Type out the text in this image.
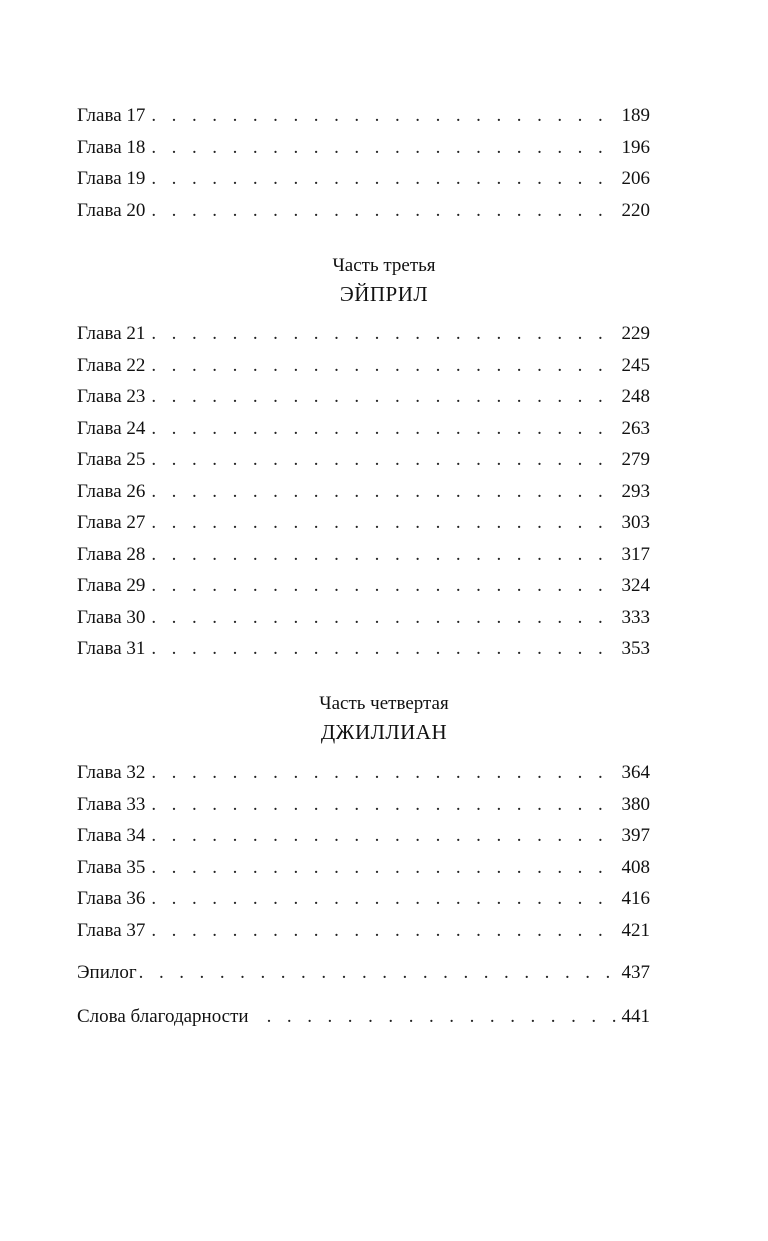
Глава 17 . . .	189
Глава 18 . . .	196
Глава 19 . . .	206
Глава 20 . . .	220
Часть третья
ЭЙПРИЛ
Глава 21 . . .	229
Глава 22 . . .	245
Глава 23 . . .	248
Глава 24 . . .	263
Глава 25 . . .	279
Глава 26 . . .	293
Глава 27 . . .	303
Глава 28 . . .	317
Глава 29 . . .	324
Глава 30 . . .	333
Глава 31 . . .	353
Часть четвертая
ДЖИЛЛИАН
Глава 32 . . .	364
Глава 33 . . .	380
Глава 34 . . .	397
Глава 35 . . .	408
Глава 36 . . .	416
Глава 37 . . .	421
Эпилог . . .	437
Слова благодарности . . .	441
